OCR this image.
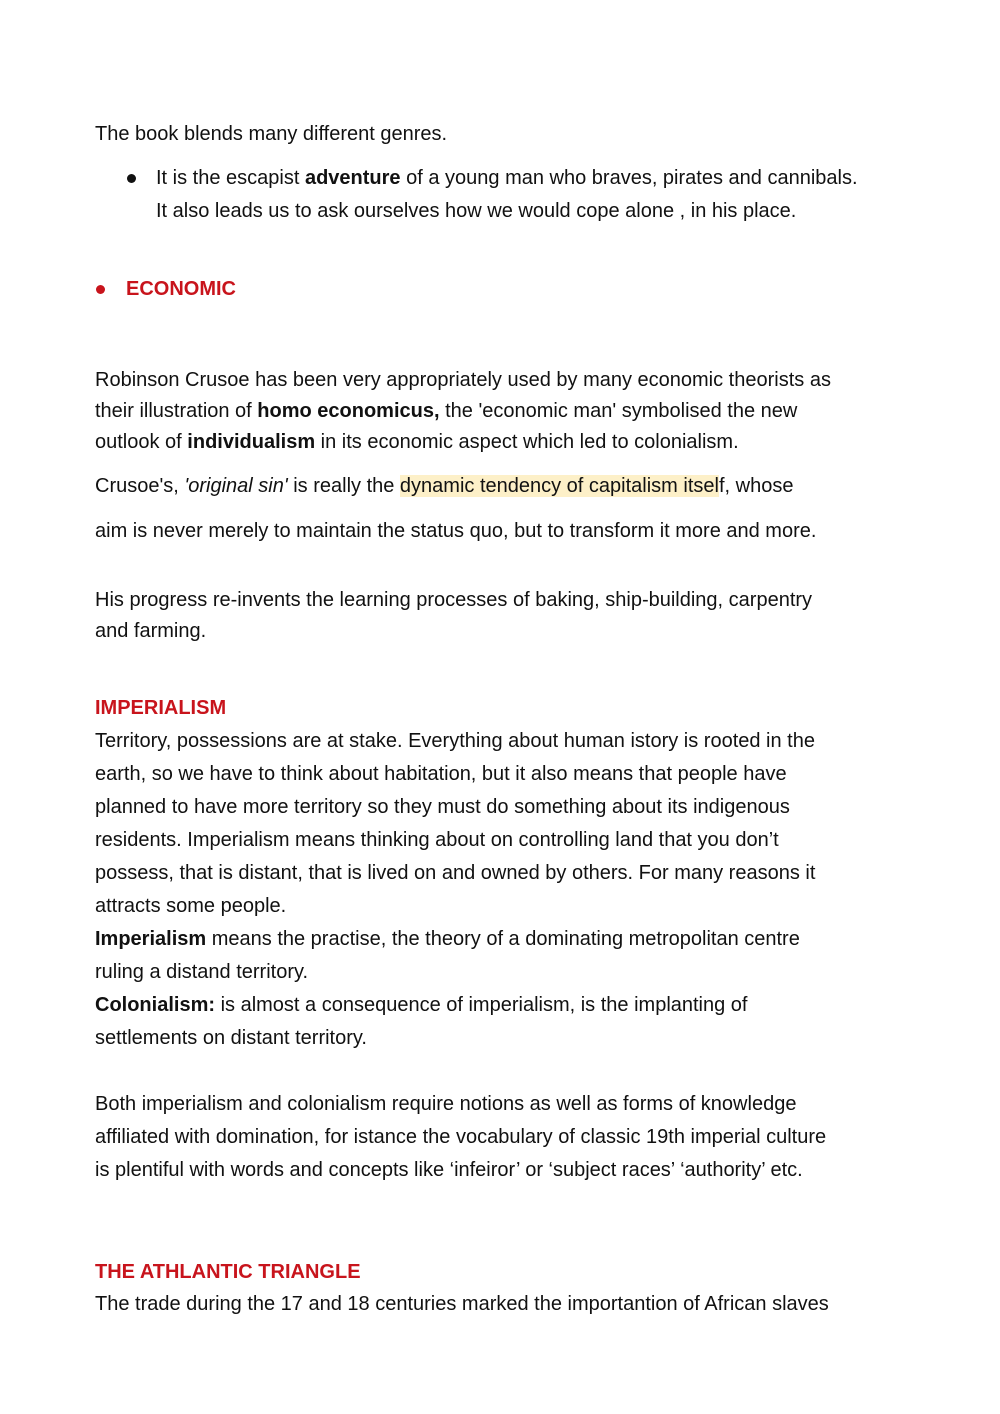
The book blends many different genres.

It is the escapist adventure of a young man who braves, pirates and cannibals.

It also leads us to ask ourselves how we would cope alone , in his place.

ECONOMIC

Robinson Crusoe has been very appropriately used by many economic theorists as

their illustration of homo economicus, the 'economic man' symbolised the new

outlook of individualism in its economic aspect which led to colonialism.

Crusoe's, 'original sin' is really the dynamic tendency of capitalism itself, whose

aim is never merely to maintain the status quo, but to transform it more and more.

His progress re-invents the learning processes of baking, ship-building, carpentry

and farming.

IMPERIALISM

Territory, possessions are at stake. Everything about human istory is rooted in the

earth, so we have to think about habitation, but it also means that people have

planned to have more territory so they must do something about its indigenous

residents. Imperialism means thinking about on controlling land that you don’t

possess, that is distant, that is lived on and owned by others. For many reasons it

attracts some people.

Imperialism means the practise, the theory of a dominating metropolitan centre

ruling a distand territory.

Colonialism: is almost a consequence of imperialism, is the implanting of

settlements on distant territory.

Both imperialism and colonialism require notions as well as forms of knowledge

affiliated with domination, for istance the vocabulary of classic 19th imperial culture

is plentiful with words and concepts like ‘infeiror’ or ‘subject races’ ‘authority’ etc.

THE ATHLANTIC TRIANGLE

The trade during the 17 and 18 centuries marked the importantion of African slaves
